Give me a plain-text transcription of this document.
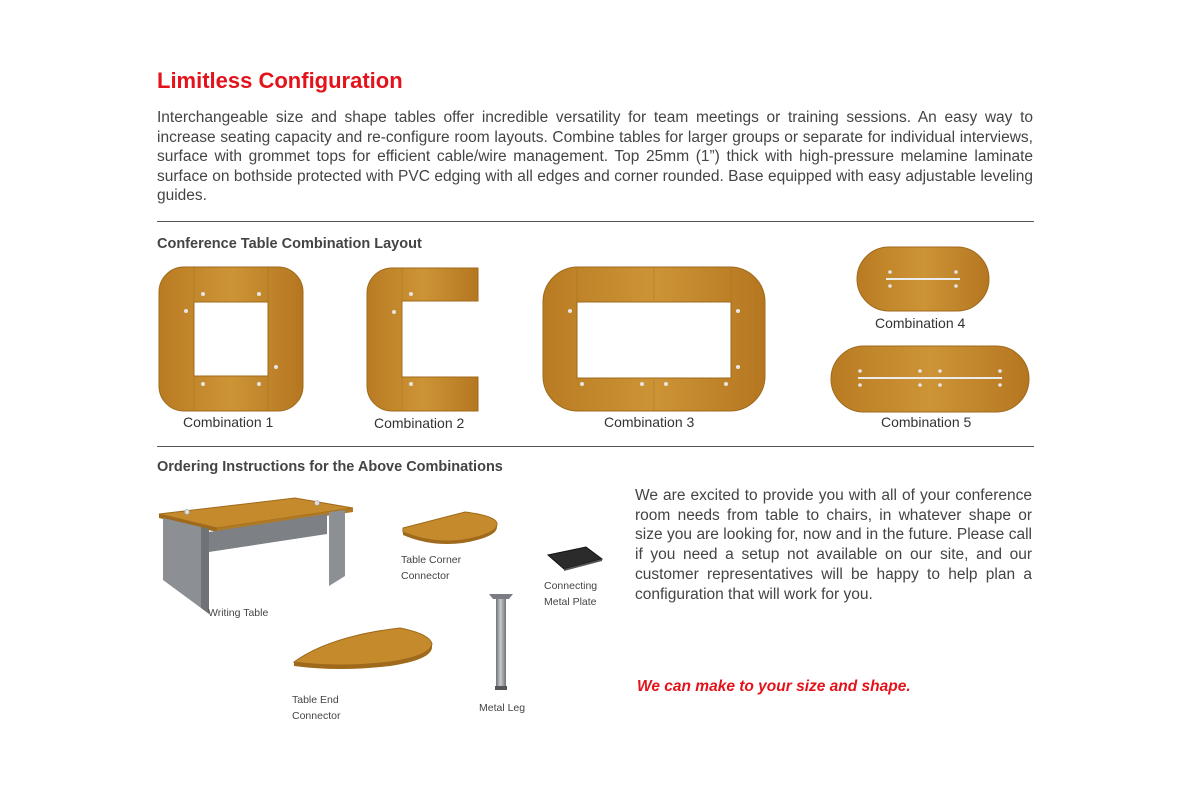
Limitless Configuration
Interchangeable size and shape tables offer incredible versatility for team meetings or training sessions. An easy way to increase seating capacity and re-configure room layouts. Combine tables for larger groups or separate for individual interviews, surface with grommet tops for efficient cable/wire management. Top 25mm (1”) thick with high-pressure melamine laminate surface on bothside protected with PVC edging with all edges and corner rounded. Base equipped with easy adjustable leveling guides.
Conference Table Combination Layout
Combination 1	Combination 2	Combination 3
Combination 4
Combination 5
Ordering Instructions for the Above Combinations
Writing Table
Table Corner Connector
Connecting Metal Plate
Table End Connector
Metal Leg
We are excited to provide you with all of your conference room needs from table to chairs, in whatever shape or size you are looking for, now and in the future. Please call if you need a setup not available on our site, and our customer representatives will be happy to help plan a configuration that will work for you.
We can make to your size and shape.
